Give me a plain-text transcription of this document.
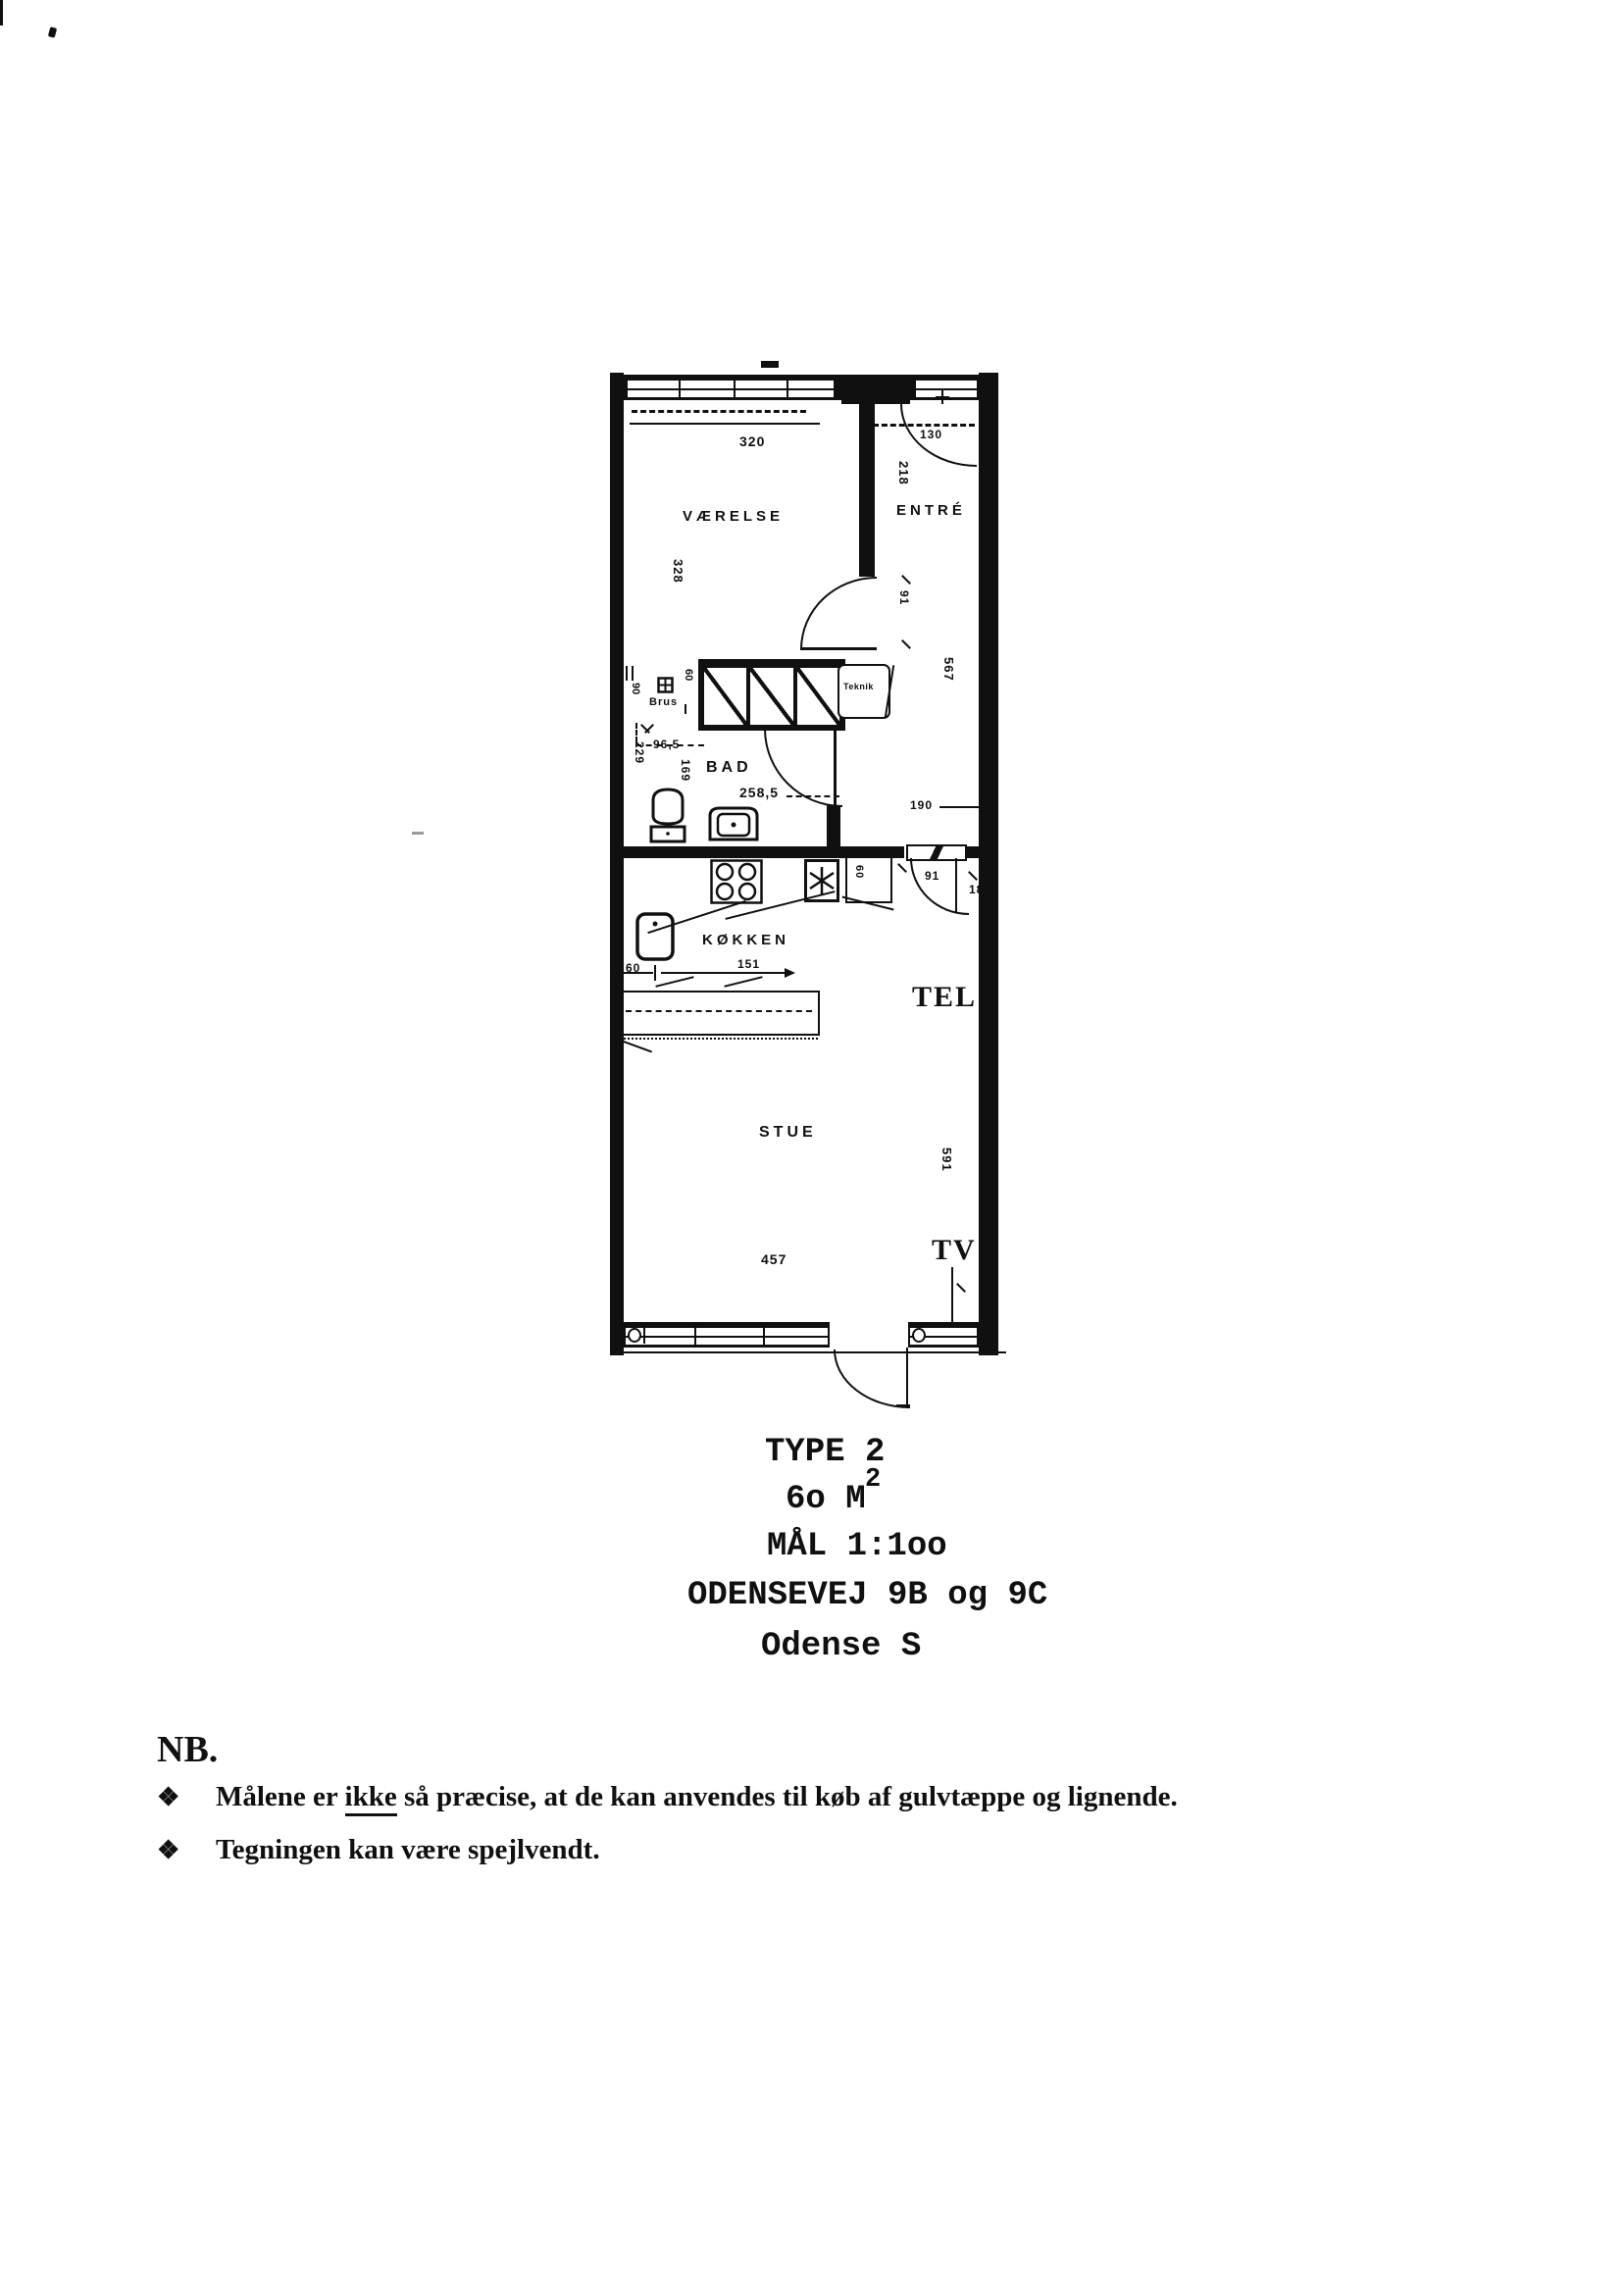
VÆRELSE	ENTRÉ
320	130
328
218
91
567
90
Brus
60
Teknik
96,5
229
169 BAD
258,5
190
91
18
60
KØKKEN
60	151
TEL
STUE
591
457	TV
TYPE 2
6o M
2
MÅL 1:1oo
ODENSEVEJ 9B og 9C
Odense S
NB.
❖ Målene er ikke så præcise, at de kan anvendes til køb af gulvtæppe og lignende.
❖ Tegningen kan være spejlvendt.
